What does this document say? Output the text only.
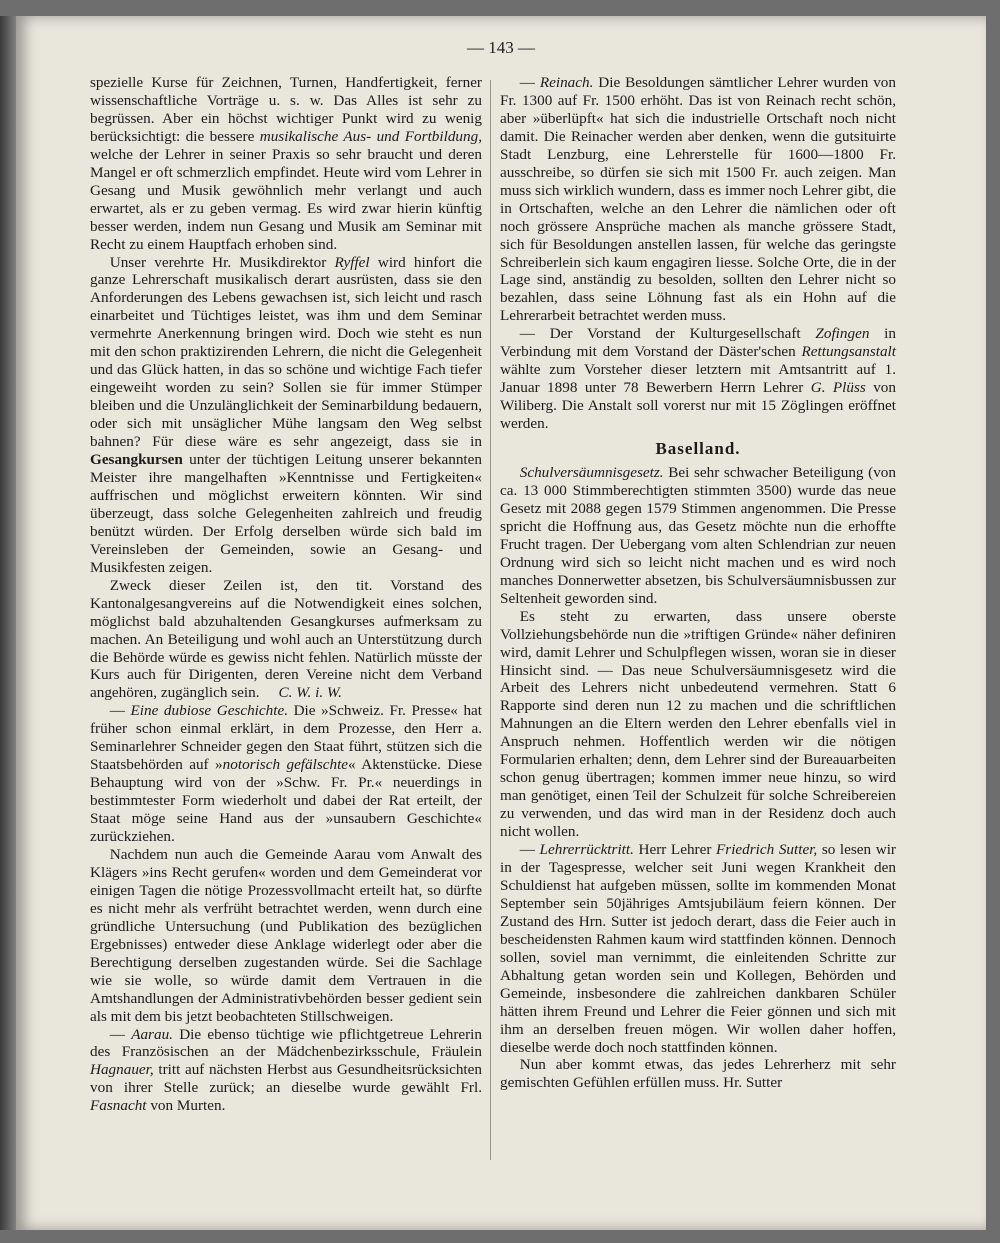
— 143 —

spezielle Kurse für Zeichnen, Turnen, Handfertigkeit, ferner wissenschaftliche Vorträge u. s. w. Das Alles ist sehr zu begrüssen. Aber ein höchst wichtiger Punkt wird zu wenig berücksichtigt: die bessere musikalische Aus- und Fortbildung, welche der Lehrer in seiner Praxis so sehr braucht und deren Mangel er oft schmerzlich empfindet. Heute wird vom Lehrer in Gesang und Musik gewöhnlich mehr verlangt und auch erwartet, als er zu geben vermag. Es wird zwar hierin künftig besser werden, indem nun Gesang und Musik am Seminar mit Recht zu einem Hauptfach erhoben sind.

Unser verehrte Hr. Musikdirektor Ryffel wird hinfort die ganze Lehrerschaft musikalisch derart ausrüsten, dass sie den Anforderungen des Lebens gewachsen ist, sich leicht und rasch einarbeitet und Tüchtiges leistet, was ihm und dem Seminar vermehrte Anerkennung bringen wird. Doch wie steht es nun mit den schon praktizirenden Lehrern, die nicht die Gelegenheit und das Glück hatten, in das so schöne und wichtige Fach tiefer eingeweiht worden zu sein? Sollen sie für immer Stümper bleiben und die Unzulänglichkeit der Seminarbildung bedauern, oder sich mit unsäglicher Mühe langsam den Weg selbst bahnen? Für diese wäre es sehr angezeigt, dass sie in Gesangkursen unter der tüchtigen Leitung unserer bekannten Meister ihre mangelhaften »Kenntnisse und Fertigkeiten« auffrischen und möglichst erweitern könnten. Wir sind überzeugt, dass solche Gelegenheiten zahlreich und freudig benützt würden. Der Erfolg derselben würde sich bald im Vereinsleben der Gemeinden, sowie an Gesang- und Musikfesten zeigen.

Zweck dieser Zeilen ist, den tit. Vorstand des Kantonalgesangvereins auf die Notwendigkeit eines solchen, möglichst bald abzuhaltenden Gesangkurses aufmerksam zu machen. An Beteiligung und wohl auch an Unterstützung durch die Behörde würde es gewiss nicht fehlen. Natürlich müsste der Kurs auch für Dirigenten, deren Vereine nicht dem Verband angehören, zugänglich sein. C. W. i. W.

— Eine dubiose Geschichte. Die »Schweiz. Fr. Presse« hat früher schon einmal erklärt, in dem Prozesse, den Herr a. Seminarlehrer Schneider gegen den Staat führt, stützen sich die Staatsbehörden auf »notorisch gefälschte« Aktenstücke. Diese Behauptung wird von der »Schw. Fr. Pr.« neuerdings in bestimmtester Form wiederholt und dabei der Rat erteilt, der Staat möge seine Hand aus der »unsaubern Geschichte« zurückziehen.

Nachdem nun auch die Gemeinde Aarau vom Anwalt des Klägers »ins Recht gerufen« worden und dem Gemeinderat vor einigen Tagen die nötige Prozessvollmacht erteilt hat, so dürfte es nicht mehr als verfrüht betrachtet werden, wenn durch eine gründliche Untersuchung (und Publikation des bezüglichen Ergebnisses) entweder diese Anklage widerlegt oder aber die Berechtigung derselben zugestanden würde. Sei die Sachlage wie sie wolle, so würde damit dem Vertrauen in die Amtshandlungen der Administrativbehörden besser gedient sein als mit dem bis jetzt beobachteten Stillschweigen.

— Aarau. Die ebenso tüchtige wie pflichtgetreue Lehrerin des Französischen an der Mädchenbezirksschule, Fräulein Hagnauer, tritt auf nächsten Herbst aus Gesundheitsrücksichten von ihrer Stelle zurück; an dieselbe wurde gewählt Frl. Fasnacht von Murten.

— Reinach. Die Besoldungen sämtlicher Lehrer wurden von Fr. 1300 auf Fr. 1500 erhöht. Das ist von Reinach recht schön, aber »überlüpft« hat sich die industrielle Ortschaft noch nicht damit. Die Reinacher werden aber denken, wenn die gutsituirte Stadt Lenzburg, eine Lehrerstelle für 1600—1800 Fr. ausschreibe, so dürfen sie sich mit 1500 Fr. auch zeigen. Man muss sich wirklich wundern, dass es immer noch Lehrer gibt, die in Ortschaften, welche an den Lehrer die nämlichen oder oft noch grössere Ansprüche machen als manche grössere Stadt, sich für Besoldungen anstellen lassen, für welche das geringste Schreiberlein sich kaum engagiren liesse. Solche Orte, die in der Lage sind, anständig zu besolden, sollten den Lehrer nicht so bezahlen, dass seine Löhnung fast als ein Hohn auf die Lehrerarbeit betrachtet werden muss.

— Der Vorstand der Kulturgesellschaft Zofingen in Verbindung mit dem Vorstand der Däster'schen Rettungsanstalt wählte zum Vorsteher dieser letztern mit Amtsantritt auf 1. Januar 1898 unter 78 Bewerbern Herrn Lehrer G. Plüss von Wiliberg. Die Anstalt soll vorerst nur mit 15 Zöglingen eröffnet werden.

Baselland.

Schulversäumnisgesetz. Bei sehr schwacher Beteiligung (von ca. 13 000 Stimmberechtigten stimmten 3500) wurde das neue Gesetz mit 2088 gegen 1579 Stimmen angenommen. Die Presse spricht die Hoffnung aus, das Gesetz möchte nun die erhoffte Frucht tragen. Der Uebergang vom alten Schlendrian zur neuen Ordnung wird sich so leicht nicht machen und es wird noch manches Donnerwetter absetzen, bis Schulversäumnisbussen zur Seltenheit geworden sind.

Es steht zu erwarten, dass unsere oberste Vollziehungsbehörde nun die »triftigen Gründe« näher definiren wird, damit Lehrer und Schulpflegen wissen, woran sie in dieser Hinsicht sind. — Das neue Schulversäumnisgesetz wird die Arbeit des Lehrers nicht unbedeutend vermehren. Statt 6 Rapporte sind deren nun 12 zu machen und die schriftlichen Mahnungen an die Eltern werden den Lehrer ebenfalls viel in Anspruch nehmen. Hoffentlich werden wir die nötigen Formularien erhalten; denn, dem Lehrer sind der Bureauarbeiten schon genug übertragen; kommen immer neue hinzu, so wird man genötiget, einen Teil der Schulzeit für solche Schreibereien zu verwenden, und das wird man in der Residenz doch auch nicht wollen.

— Lehrerrücktritt. Herr Lehrer Friedrich Sutter, so lesen wir in der Tagespresse, welcher seit Juni wegen Krankheit den Schuldienst hat aufgeben müssen, sollte im kommenden Monat September sein 50jähriges Amtsjubiläum feiern können. Der Zustand des Hrn. Sutter ist jedoch derart, dass die Feier auch in bescheidensten Rahmen kaum wird stattfinden können. Dennoch sollen, soviel man vernimmt, die einleitenden Schritte zur Abhaltung getan worden sein und Kollegen, Behörden und Gemeinde, insbesondere die zahlreichen dankbaren Schüler hätten ihrem Freund und Lehrer die Feier gönnen und sich mit ihm an derselben freuen mögen. Wir wollen daher hoffen, dieselbe werde doch noch stattfinden können.

Nun aber kommt etwas, das jedes Lehrerherz mit sehr gemischten Gefühlen erfüllen muss. Hr. Sutter
